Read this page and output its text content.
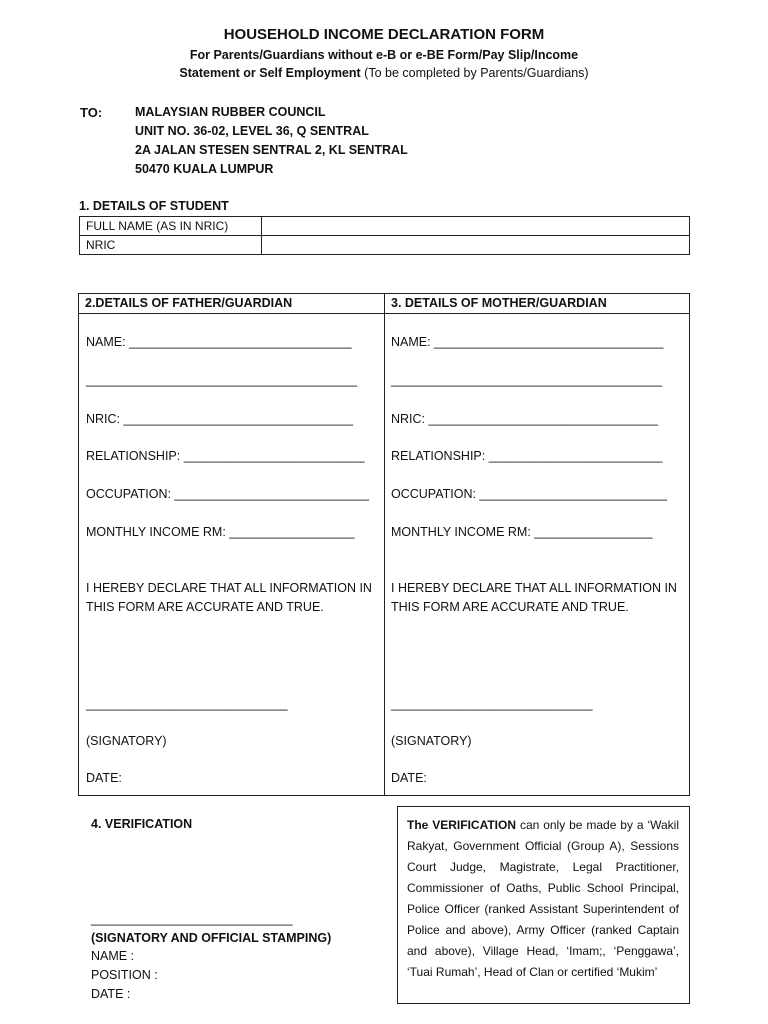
HOUSEHOLD INCOME DECLARATION FORM
For Parents/Guardians without e-B or e-BE Form/Pay Slip/Income
Statement or Self Employment (To be completed by Parents/Guardians)
TO:	MALAYSIAN RUBBER COUNCIL
UNIT NO. 36-02, LEVEL 36, Q SENTRAL
2A JALAN STESEN SENTRAL 2, KL SENTRAL
50470 KUALA LUMPUR
1. DETAILS OF STUDENT
FULL NAME (AS IN NRIC)	
NRIC	
2.DETAILS OF FATHER/GUARDIAN	3. DETAILS OF MOTHER/GUARDIAN
NAME: ________________________________
_______________________________________
NRIC: _________________________________
RELATIONSHIP: __________________________
OCCUPATION: ____________________________
MONTHLY INCOME RM: __________________
I HEREBY DECLARE THAT ALL INFORMATION IN THIS FORM ARE ACCURATE AND TRUE.
_____________________________
(SIGNATORY)
DATE:
NAME: _________________________________
_______________________________________
NRIC: _________________________________
RELATIONSHIP: _________________________
OCCUPATION: ___________________________
MONTHLY INCOME RM: _________________
I HEREBY DECLARE THAT ALL INFORMATION IN THIS FORM ARE ACCURATE AND TRUE.
_____________________________
(SIGNATORY)
DATE:
4. VERIFICATION
_____________________________
(SIGNATORY AND OFFICIAL STAMPING)
NAME :
POSITION :
DATE :
The VERIFICATION can only be made by a ‘Wakil Rakyat, Government Official (Group A), Sessions Court Judge, Magistrate, Legal Practitioner, Commissioner of Oaths, Public School Principal, Police Officer (ranked Assistant Superintendent of Police and above), Army Officer (ranked Captain and above), Village Head, ‘Imam;, ‘Penggawa’, ‘Tuai Rumah’, Head of Clan or certified ‘Mukim’
